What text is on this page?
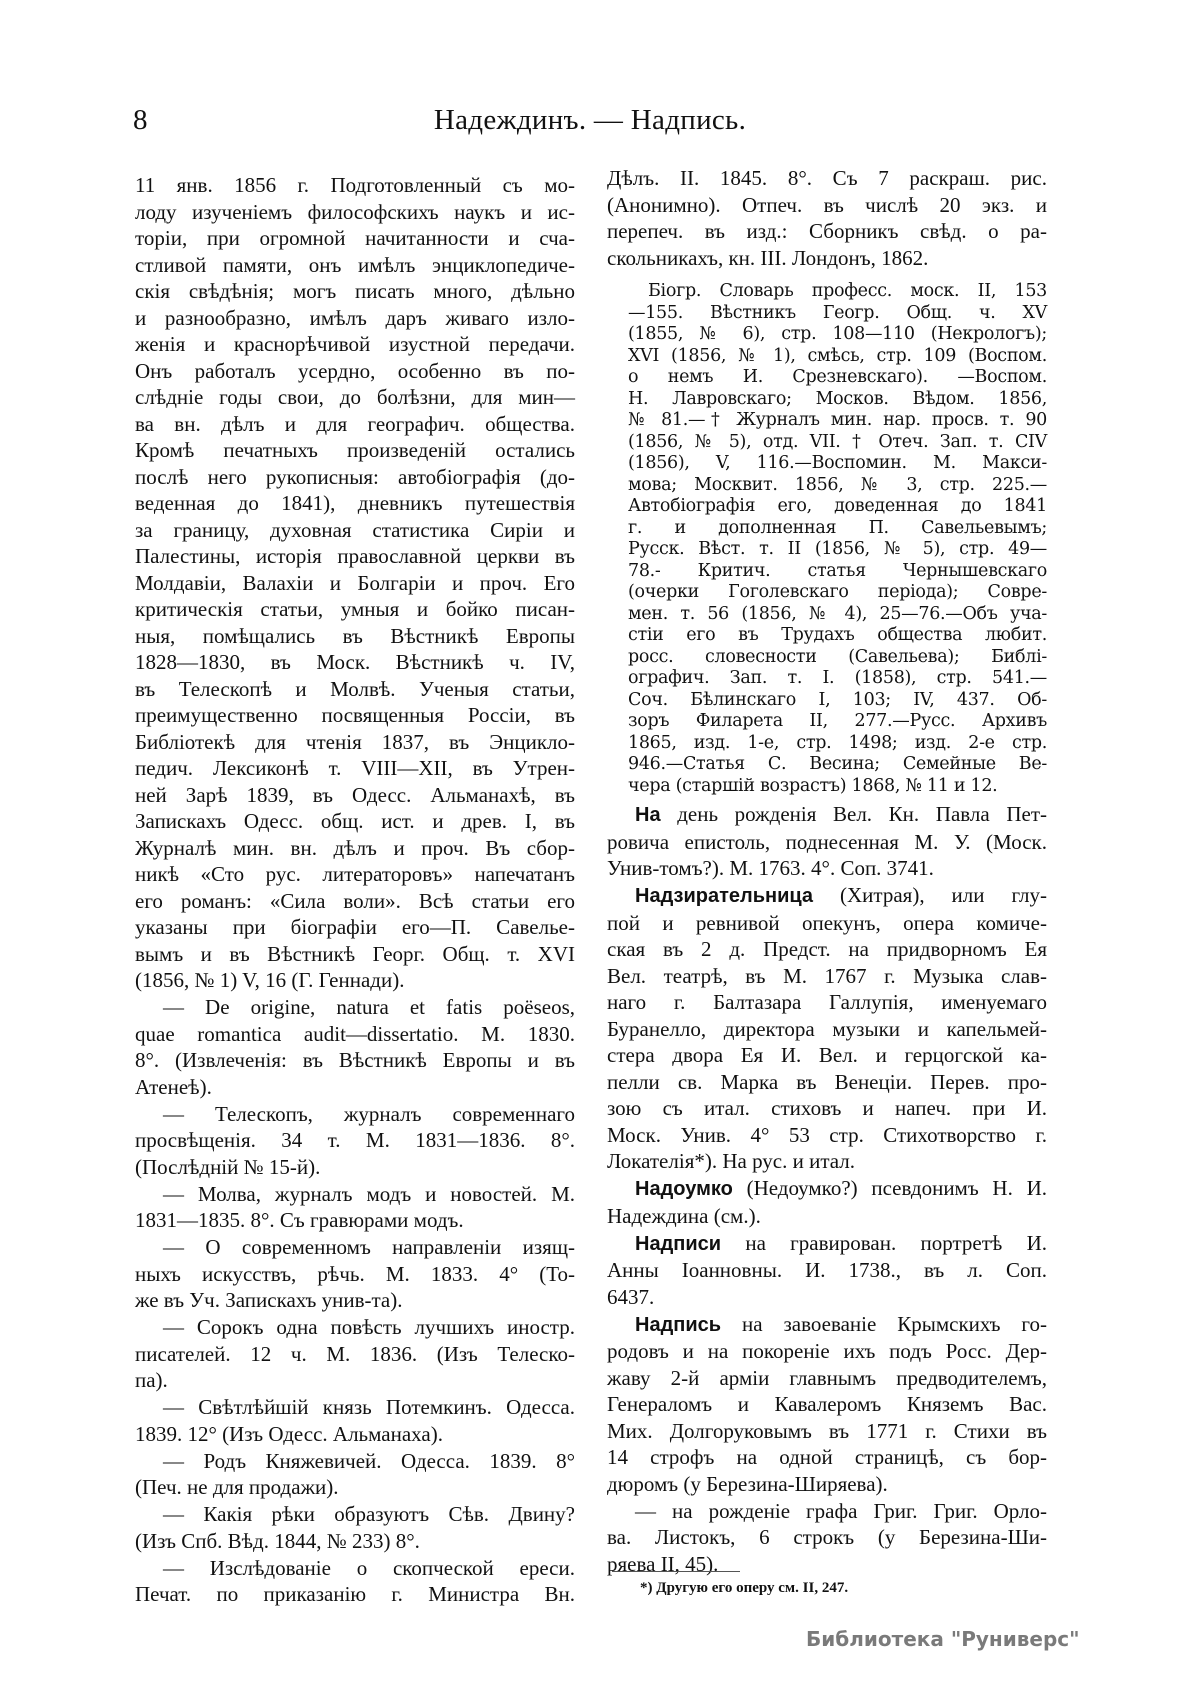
8	Надеждинъ. — Надпись.
11 янв. 1856 г. Подготовленный съ мо-
лоду изученіемъ философскихъ наукъ и ис-
торіи, при огромной начитанности и сча-
стливой памяти, онъ имѣлъ энциклопедиче-
скія свѣдѣнія; могъ писать много, дѣльно
и разнообразно, имѣлъ даръ живаго изло-
женія и краснорѣчивой изустной передачи.
Онъ работалъ усердно, особенно въ по-
слѣдніе годы свои, до болѣзни, для мин—
ва вн. дѣлъ и для географич. общества.
Кромѣ печатныхъ произведеній остались
послѣ него рукописныя: автобіографія (до-
веденная до 1841), дневникъ путешествія
за границу, духовная статистика Сиріи и
Палестины, исторія православной церкви въ
Молдавіи, Валахіи и Болгаріи и проч. Его
критическія статьи, умныя и бойко писан-
ныя, помѣщались въ Вѣстникѣ Европы
1828—1830, въ Моск. Вѣстникѣ ч. IV,
въ Телескопѣ и Молвѣ. Ученыя статьи,
преимущественно посвященныя Россіи, въ
Библіотекѣ для чтенія 1837, въ Энцикло-
педич. Лексиконѣ т. VIII—XII, въ Утрен-
ней Зарѣ 1839, въ Одесс. Альманахѣ, въ
Запискахъ Одесс. общ. ист. и древ. I, въ
Журналѣ мин. вн. дѣлъ и проч. Въ сбор-
никѣ «Сто рус. литераторовъ» напечатанъ
его романъ: «Сила воли». Всѣ статьи его
указаны при біографіи его—П. Савелье-
вымъ и въ Вѣстникѣ Георг. Общ. т. XVI
(1856, № 1) V, 16 (Г. Геннади).
— De origine, natura et fatis poëseos,
quae romantica audit—dissertatio. M. 1830.
8°. (Извлеченія: въ Вѣстникѣ Европы и въ
Атенеѣ).
— Телескопъ, журналъ современнаго
просвѣщенія. 34 т. М. 1831—1836. 8°.
(Послѣдній № 15-й).
— Молва, журналъ модъ и новостей. М.
1831—1835. 8°. Съ гравюрами модъ.
— О современномъ направленіи изящ-
ныхъ искусствъ, рѣчь. М. 1833. 4° (То-
же въ Уч. Запискахъ унив-та).
— Сорокъ одна повѣсть лучшихъ иностр.
писателей. 12 ч. М. 1836. (Изъ Телеско-
па).
— Свѣтлѣйшій князь Потемкинъ. Одесса.
1839. 12° (Изъ Одесс. Альманаха).
— Родъ Княжевичей. Одесса. 1839. 8°
(Печ. не для продажи).
— Какія рѣки образуютъ Сѣв. Двину?
(Изъ Спб. Вѣд. 1844, № 233) 8°.
— Изслѣдованіе о скопческой ереси.
Печат. по приказанію г. Министра Вн.
Дѣлъ. II. 1845. 8°. Съ 7 раскраш. рис.
(Анонимно). Отпеч. въ числѣ 20 экз. и
перепеч. въ изд.: Сборникъ свѣд. о ра-
скольникахъ, кн. III. Лондонъ, 1862.
Біогр. Словарь професс. моск. II, 153
—155. Вѣстникъ Геогр. Общ. ч. XV
(1855, № 6), стр. 108—110 (Некрологъ);
XVI (1856, № 1), смѣсь, стр. 109 (Воспом.
о немъ И. Срезневскаго). —Воспом.
Н. Лавровскаго; Москов. Вѣдом. 1856,
№ 81.—† Журналъ мин. нар. просв. т. 90
(1856, № 5), отд. VII. † Отеч. Зап. т. CIV
(1856), V, 116.—Воспомин. М. Макси-
мова; Москвит. 1856, № 3, стр. 225.—
Автобіографія его, доведенная до 1841
г. и дополненная П. Савельевымъ;
Русск. Вѣст. т. II (1856, № 5), стр. 49—
78.- Критич. статья Чернышевскаго
(очерки Гоголевскаго періода); Совре-
мен. т. 56 (1856, № 4), 25—76.—Объ уча-
стіи его въ Трудахъ общества любит.
росс. словесности (Савельева); Библі-
ографич. Зап. т. I. (1858), стр. 541.—
Соч. Бѣлинскаго I, 103; IV, 437. Об-
зоръ Филарета II, 277.—Русс. Архивъ
1865, изд. 1-е, стр. 1498; изд. 2-е стр.
946.—Статья С. Весина; Семейные Ве-
чера (старшій возрастъ) 1868, № 11 и 12.
На день рожденія Вел. Кн. Павла Пет-
ровича епистоль, поднесенная М. У. (Моск.
Унив-томъ?). М. 1763. 4°. Соп. 3741.
Надзирательница (Хитрая), или глу-
пой и ревнивой опекунъ, опера комиче-
ская въ 2 д. Предст. на придворномъ Ея
Вел. театрѣ, въ М. 1767 г. Музыка слав-
наго г. Балтазара Галлупія, именуемаго
Буранелло, директора музыки и капельмей-
стера двора Ея И. Вел. и герцогской ка-
пелли св. Марка въ Венеціи. Перев. про-
зою съ итал. стиховъ и напеч. при И.
Моск. Унив. 4° 53 стр. Стихотворство г.
Локателія*). На рус. и итал.
Надоумко (Недоумко?) псевдонимъ Н. И.
Надеждина (см.).
Надписи на гравирован. портретѣ И.
Анны Іоанновны. И. 1738., въ л. Соп.
6437.
Надпись на завоеваніе Крымскихъ го-
родовъ и на покореніе ихъ подъ Росс. Дер-
жаву 2-й арміи главнымъ предводителемъ,
Генераломъ и Кавалеромъ Княземъ Вас.
Мих. Долгоруковымъ въ 1771 г. Стихи въ
14 строфъ на одной страницѣ, съ бор-
дюромъ (у Березина-Ширяева).
— на рожденіе графа Григ. Григ. Орло-
ва. Листокъ, 6 строкъ (у Березина-Ши-
ряева II, 45).
*) Другую его оперу см. II, 247.
Библиотека "Руниверс"
